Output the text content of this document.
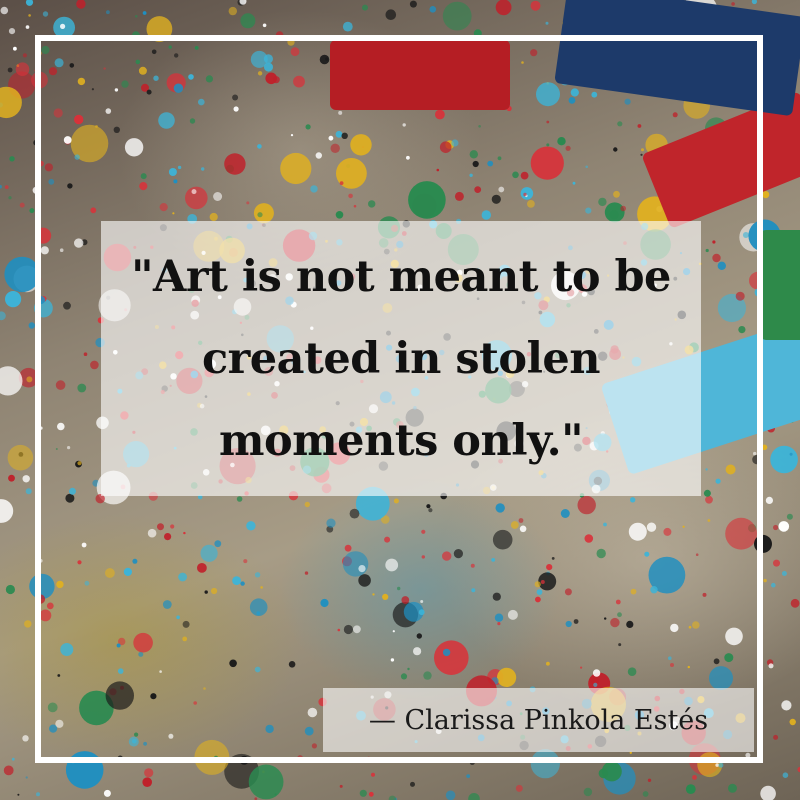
"Art is not meant to be created in stolen moments only."

— Clarissa Pinkola Estés
